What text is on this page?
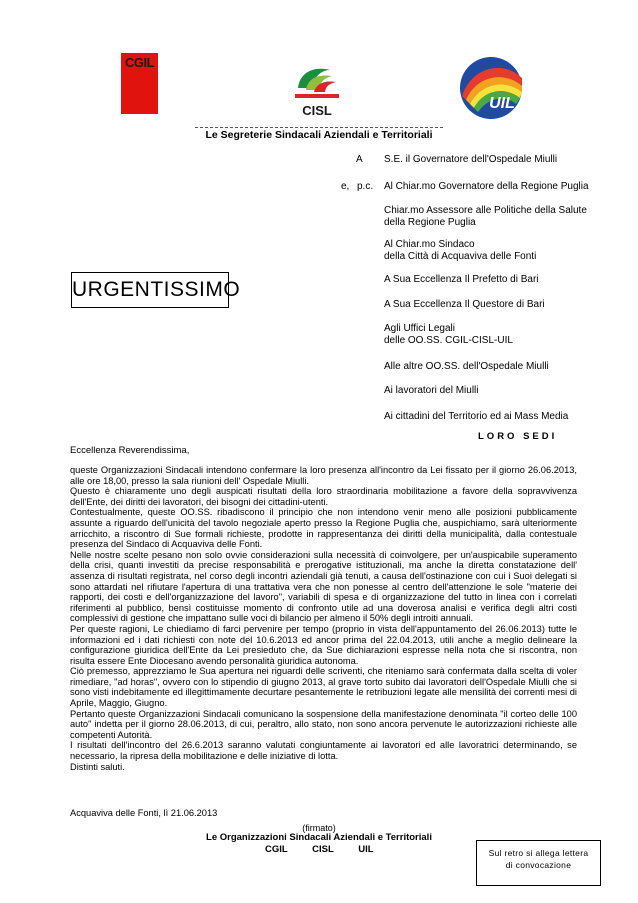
CGIL
CISL	UIL
Le Segreterie Sindacali Aziendali e Territoriali
A
e, p.c.
S.E. il Governatore dell'Ospedale Miulli
Al Chiar.mo Governatore della Regione Puglia
Chiar.mo Assessore alle Politiche della Salute
della Regione Puglia
Al Chiar.mo Sindaco
della Città di Acquaviva delle Fonti
A Sua Eccellenza Il Prefetto di Bari
A Sua Eccellenza Il Questore di Bari
Agli Uffici Legali
delle OO.SS. CGIL-CISL-UIL
Alle altre OO.SS. dell'Ospedale Miulli
Ai lavoratori del Miulli
Ai cittadini del Territorio ed ai Mass Media
URGENTISSIMO
LORO SEDI
Eccellenza Reverendissima,

queste Organizzazioni Sindacali intendono confermare la loro presenza all'incontro da Lei fissato per il giorno 26.06.2013, alle ore 18,00, presso la sala riunioni dell' Ospedale Miulli.

Questo è chiaramente uno degli auspicati risultati della loro straordinaria mobilitazione a favore della sopravvivenza dell'Ente, dei diritti dei lavoratori, dei bisogni dei cittadini-utenti.

Contestualmente, queste OO.SS. ribadiscono il principio che non intendono venir meno alle posizioni pubblicamente assunte a riguardo dell'unicità del tavolo negoziale aperto presso la Regione Puglia che, auspichiamo, sarà ulteriormente arricchito, a riscontro di Sue formali richieste, prodotte in rappresentanza dei diritti della municipalità, dalla contestuale presenza del Sindaco di Acquaviva delle Fonti.

Nelle nostre scelte pesano non solo ovvie considerazioni sulla necessità di coinvolgere, per un'auspicabile superamento della crisi, quanti investiti da precise responsabilità e prerogative istituzionali, ma anche la diretta constatazione dell' assenza di risultati registrata, nel corso degli incontri aziendali già tenuti, a causa dell'ostinazione con cui i Suoi delegati si sono attardati nel rifiutare l'apertura di una trattativa vera che non ponesse al centro dell'attenzione le sole "materie dei rapporti, dei costi e dell'organizzazione del lavoro", variabili di spesa e di organizzazione del tutto in linea con i correlati riferimenti al pubblico, bensì costituisse momento di confronto utile ad una doverosa analisi e verifica degli altri costi complessivi di gestione che impattano sulle voci di bilancio per almeno il 50% degli introiti annuali.

Per queste ragioni, Le chiediamo di farci pervenire per tempo (proprio in vista dell'appuntamento del 26.06.2013) tutte le informazioni ed i dati richiesti con note del 10.6.2013 ed ancor prima del 22.04.2013, utili anche a meglio delineare la configurazione giuridica dell'Ente da Lei presieduto che, da Sue dichiarazioni espresse nella nota che si riscontra, non risulta essere Ente Diocesano avendo personalità giuridica autonoma.

Ciò premesso, apprezziamo le Sua apertura nei riguardi delle scriventi, che riteniamo sarà confermata dalla scelta di voler rimediare, "ad horas", ovvero con lo stipendio di giugno 2013, al grave torto subito dai lavoratori dell'Ospedale Miulli che si sono visti indebitamente ed illegittimamente decurtare pesantemente le retribuzioni legate alle mensilità dei correnti mesi di Aprile, Maggio, Giugno.

Pertanto queste Organizzazioni Sindacali comunicano la sospensione della manifestazione denominata "il corteo delle 100 auto" indetta per il giorno 28.06.2013, di cui, peraltro, allo stato, non sono ancora pervenute le autorizzazioni richieste alle competenti Autorità.

I risultati dell'incontro del 26.6.2013 saranno valutati congiuntamente ai lavoratori ed alle lavoratrici determinando, se necessario, la ripresa della mobilitazione e delle iniziative di lotta.

Distinti saluti.

Acquaviva delle Fonti, lì 21.06.2013
(firmato)
Le Organizzazioni Sindacali Aziendali e Territoriali
CGIL CISL UIL	Sul retro si allega lettera
di convocazione
